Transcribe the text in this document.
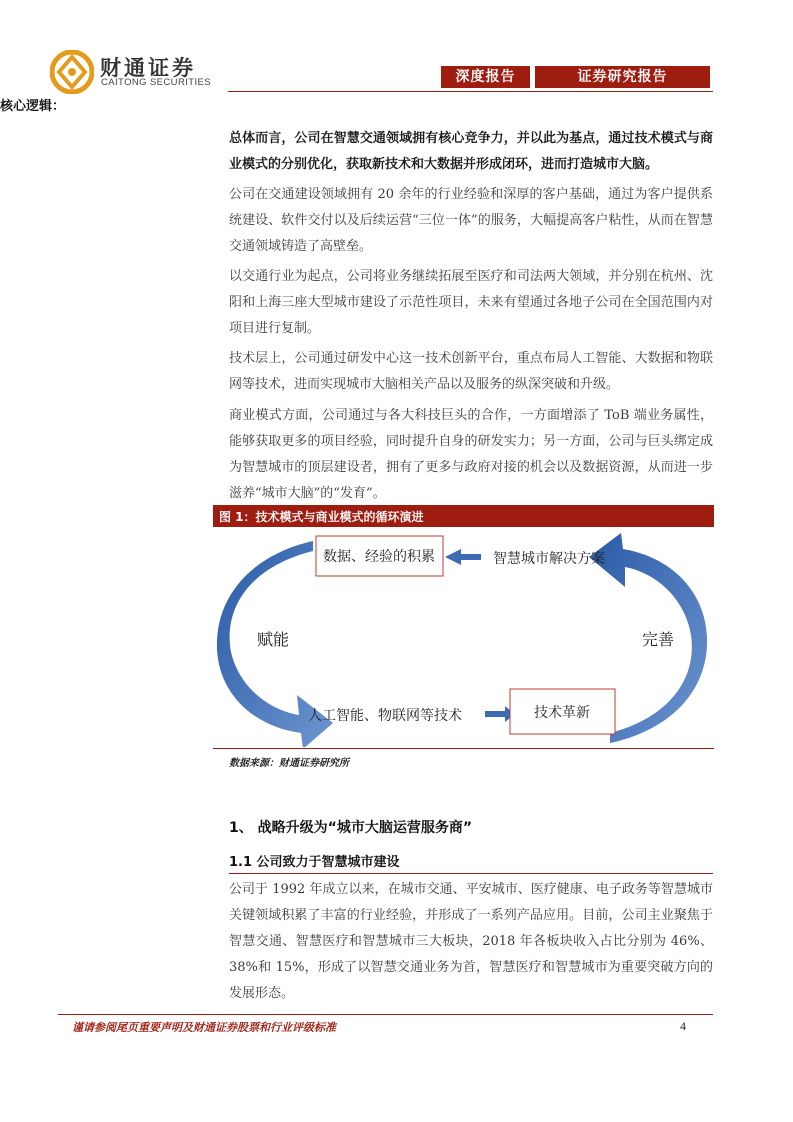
财通证券
CAITONG SECURITIES	深度报告	证券研究报告
核心逻辑：

总体而言，公司在智慧交通领域拥有核心竞争力，并以此为基点，通过技术模式与商业模式的分别优化，获取新技术和大数据并形成闭环，进而打造城市大脑。

公司在交通建设领域拥有 20 余年的行业经验和深厚的客户基础，通过为客户提供系统建设、软件交付以及后续运营“三位一体”的服务，大幅提高客户粘性，从而在智慧交通领域铸造了高壁垒。

以交通行业为起点，公司将业务继续拓展至医疗和司法两大领域，并分别在杭州、沈阳和上海三座大型城市建设了示范性项目，未来有望通过各地子公司在全国范围内对项目进行复制。

技术层上，公司通过研发中心这一技术创新平台，重点布局人工智能、大数据和物联网等技术，进而实现城市大脑相关产品以及服务的纵深突破和升级。

商业模式方面，公司通过与各大科技巨头的合作，一方面增添了 ToB 端业务属性，能够获取更多的项目经验，同时提升自身的研发实力；另一方面，公司与巨头绑定成为智慧城市的顶层建设者，拥有了更多与政府对接的机会以及数据资源，从而进一步滋养“城市大脑”的“发育”。

图 1：技术模式与商业模式的循环演进
数据、经验的积累	智慧城市解决方案
赋能	完善
人工智能、物联网等技术	技术革新
数据来源：财通证券研究所
1、 战略升级为“城市大脑运营服务商”
1.1 公司致力于智慧城市建设

公司于 1992 年成立以来，在城市交通、平安城市、医疗健康、电子政务等智慧城市关键领域积累了丰富的行业经验，并形成了一系列产品应用。目前，公司主业聚焦于智慧交通、智慧医疗和智慧城市三大板块，2018 年各板块收入占比分别为 46%、38%和 15%，形成了以智慧交通业务为首，智慧医疗和智慧城市为重要突破方向的发展形态。

谨请参阅尾页重要声明及财通证券股票和行业评级标准	4
